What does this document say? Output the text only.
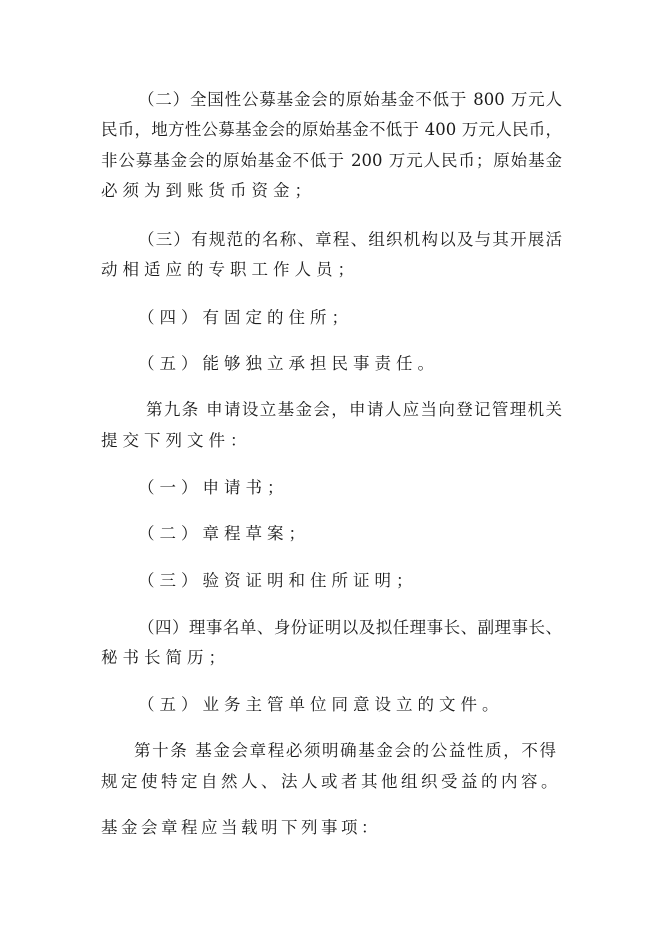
（二）全国性公募基金会的原始基金不低于 800 万元人
民币，地方性公募基金会的原始基金不低于 400 万元人民币，
非公募基金会的原始基金不低于 200 万元人民币；原始基金
必须为到账货币资金；
（三）有规范的名称、章程、组织机构以及与其开展活
动相适应的专职工作人员；
（四）有固定的住所；
（五）能够独立承担民事责任。
第九条 申请设立基金会，申请人应当向登记管理机关
提交下列文件：
（一）申请书；
（二）章程草案；
（三）验资证明和住所证明；
（四）理事名单、身份证明以及拟任理事长、副理事长、
秘书长简历；
（五）业务主管单位同意设立的文件。
第十条 基金会章程必须明确基金会的公益性质，不得
规定使特定自然人、法人或者其他组织受益的内容。
基金会章程应当载明下列事项：
